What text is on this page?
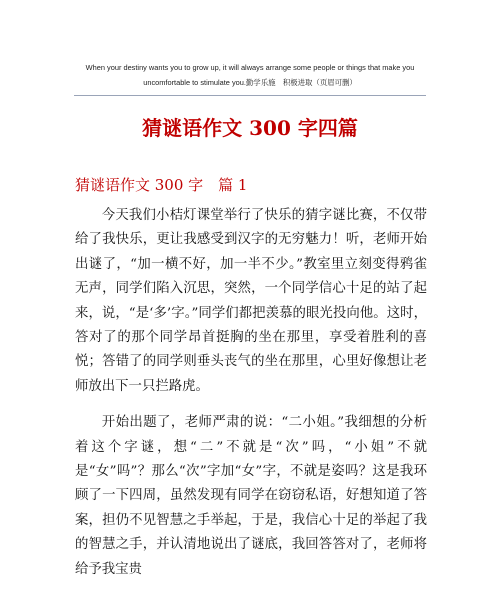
When your destiny wants you to grow up, it will always arrange some people or things that make you
uncomfortable to stimulate you.勤学乐施　积极进取（页眉可删）
猜谜语作文 300 字四篇
猜谜语作文 300 字　篇 1

今天我们小桔灯课堂举行了快乐的猜字谜比赛，不仅带给了我快乐，更让我感受到汉字的无穷魅力！听，老师开始出谜了，“加一横不好，加一半不少。”教室里立刻变得鸦雀无声，同学们陷入沉思，突然，一个同学信心十足的站了起来，说，“是‘多’字。”同学们都把羡慕的眼光投向他。这时，答对了的那个同学昂首挺胸的坐在那里，享受着胜利的喜悦；答错了的同学则垂头丧气的坐在那里，心里好像想让老师放出下一只拦路虎。

开始出题了，老师严肃的说：“二小姐。”我细想的分析着这个字谜，想“二”不就是“次”吗，“小姐”不就是“女”吗”？那么“次”字加“女”字，不就是姿吗？这是我环顾了一下四周，虽然发现有同学在窃窃私语，好想知道了答案，担仍不见智慧之手举起，于是，我信心十足的举起了我的智慧之手，并认清地说出了谜底，我回答答对了，老师将给予我宝贵
